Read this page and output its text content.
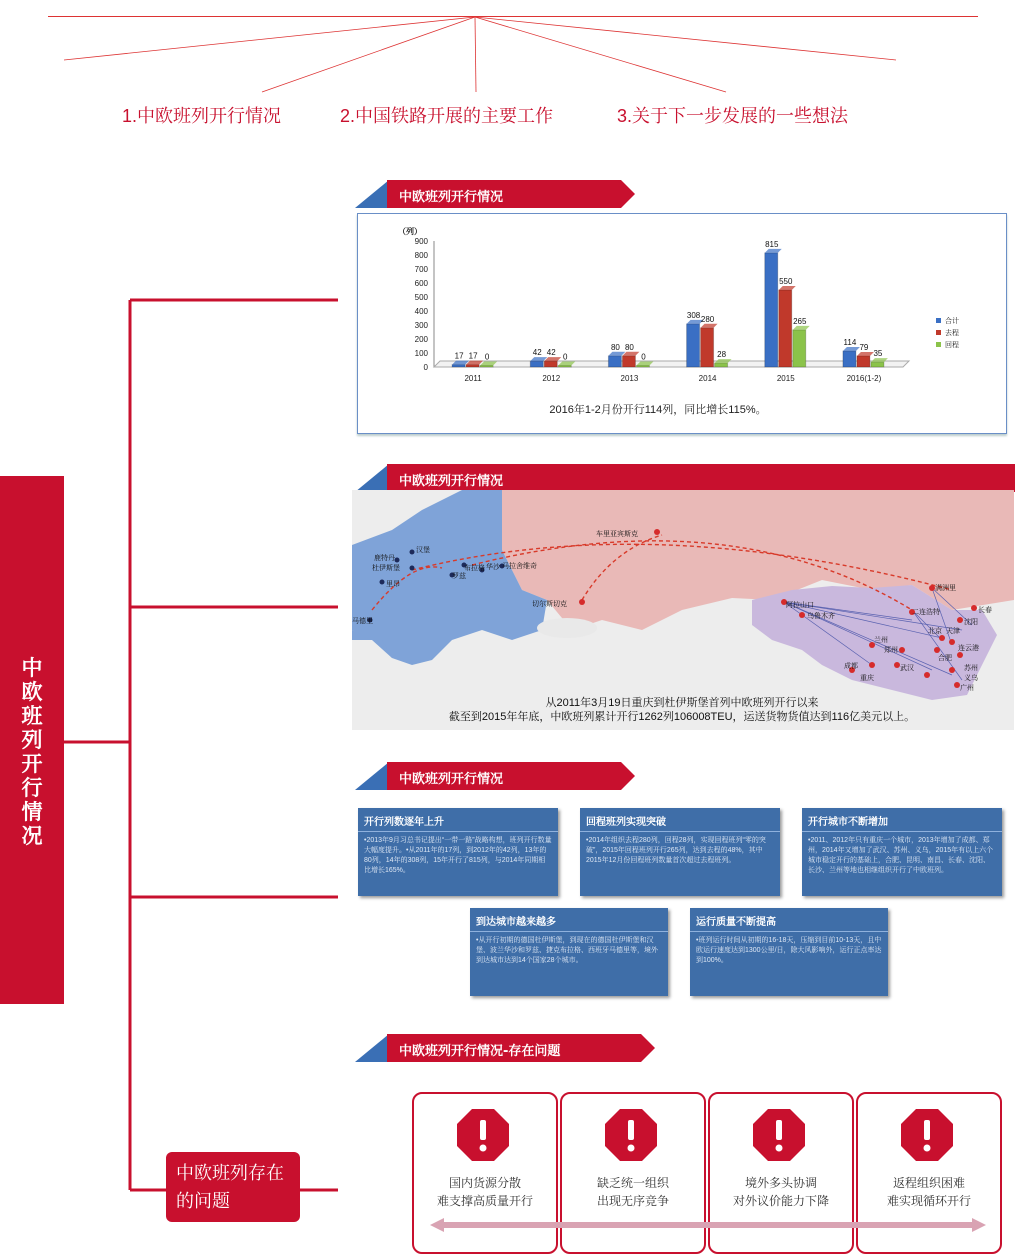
1.中欧班列开行情况	2.中国铁路开展的主要工作	3.关于下一步发展的一些想法
中
欧
班
列
开
行
情
况
中欧班列开行情况
（列）
0
100
200
300
400
500
600
700
800
900
17 17 0	42 42 0
80 80
0
308 280
28
815
550
265
114
79
35
2011	2012	2013	2014	2015	2016(1-2)
合计
去程
回程
2016年1-2月份开行114列，同比增长115%。
中欧班列开行情况
汉堡
鹿特丹
杜伊斯堡	布拉格
罗兹
华沙 马拉舍维奇
里昂
马德里
车里亚宾斯克
切尔斯切克
满洲里
阿拉山口
乌鲁木齐	二连浩特	长春
沈阳
北京 天津
连云港
兰州
郑州
合肥
成都	武汉
重庆
苏州
义乌
广州
从2011年3月19日重庆到杜伊斯堡首列中欧班列开行以来
截至到2015年年底，中欧班列累计开行1262列106008TEU，运送货物货值达到116亿美元以上。
中欧班列开行情况
开行列数逐年上升
•2013年9月习总书记提出“一带一路”战略构想，班列开行数量大幅度提升。•从2011年的17列，到2012年的42列，13年的80列，14年的308列，15年开行了815列，与2014年同期相比增长165%。
回程班列实现突破
•2014年组织去程280列，回程28列，实现回程班列“零的突破”，2015年回程班列开行265列，达到去程的48%，其中2015年12月份回程班列数量首次超过去程班列。
开行城市不断增加
•2011、2012年只有重庆一个城市，2013年增加了成都、郑州，2014年又增加了武汉、苏州、义乌，2015年有以上六个城市稳定开行的基础上，合肥、昆明、南昌、长春、沈阳、长沙、兰州等地也相继组织开行了中欧班列。
到达城市越来越多
•从开行初期的德国杜伊斯堡，到现在的德国杜伊斯堡和汉堡、波兰华沙和罗兹、捷克布拉格、西班牙马德里等，境外到达城市达到14个国家28个城市。
运行质量不断提高
•班列运行时间从初期的16-18天，压缩到目前10-13天，且中欧运行速度达到1300公里/日，除大风影响外，运行正点率达到100%。
中欧班列开行情况-存在问题
国内货源分散
难支撑高质量开行
缺乏统一组织
出现无序竞争
境外多头协调
对外议价能力下降
返程组织困难
难实现循环开行
中欧班列存在的问题
